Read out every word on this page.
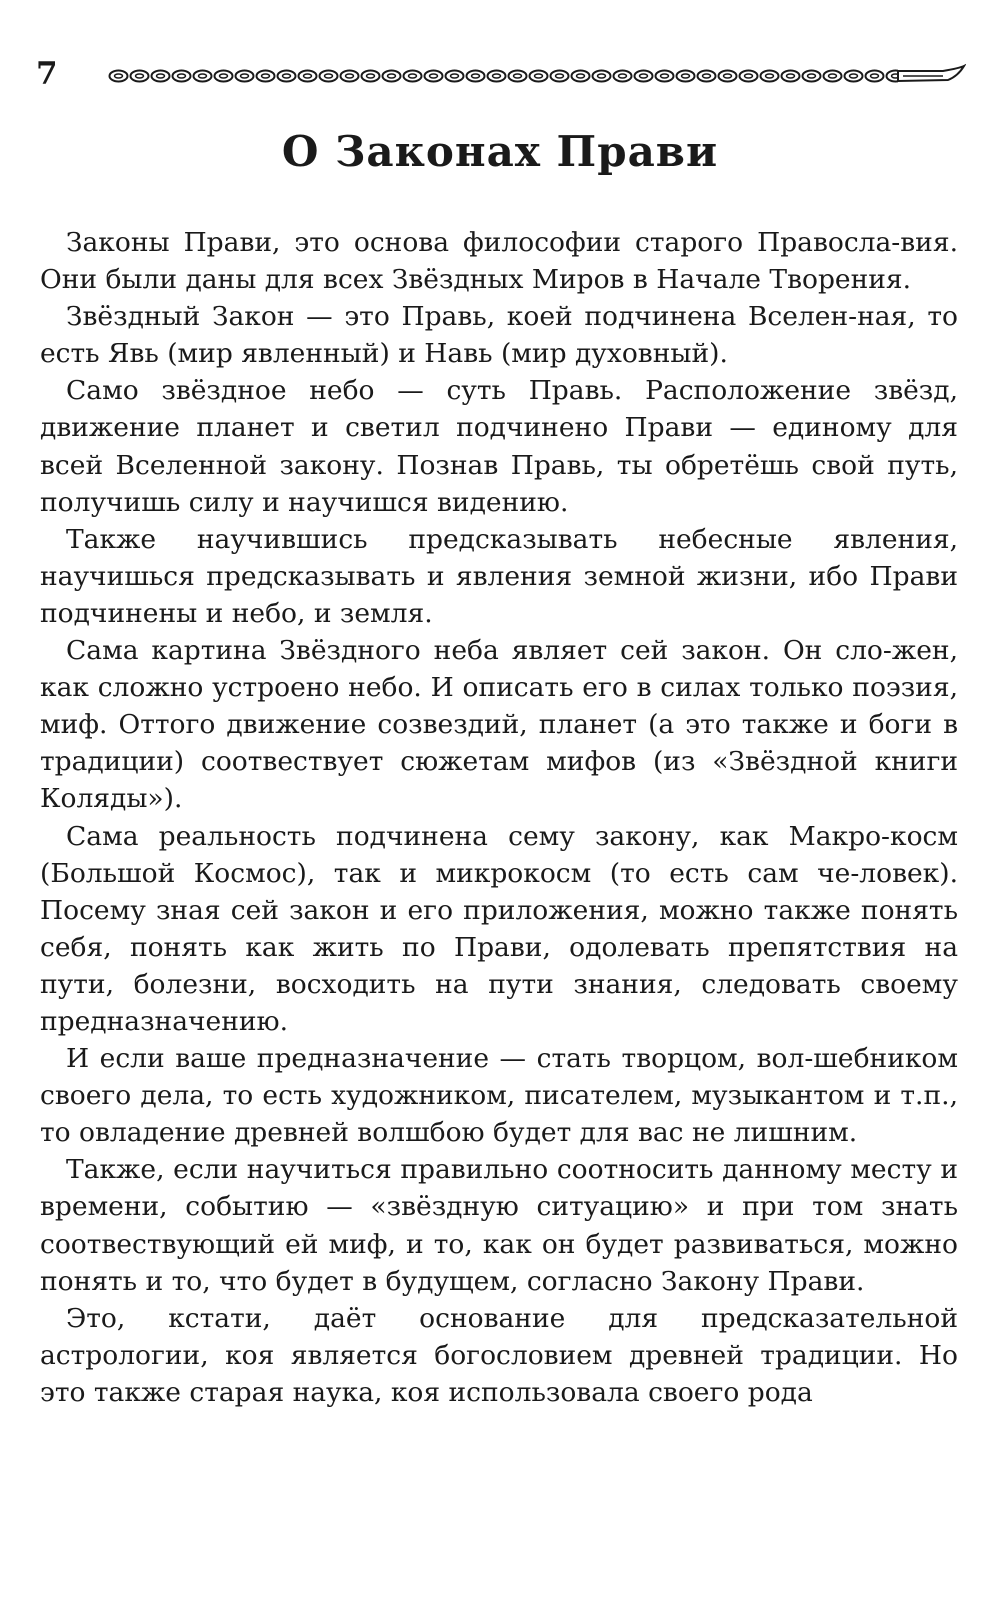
7
О Законах Прави

Законы Прави, это основа философии старого Правосла-вия. Они были даны для всех Звёздных Миров в Начале Творения.

Звёздный Закон — это Правь, коей подчинена Вселен-ная, то есть Явь (мир явленный) и Навь (мир духовный).

Само звёздное небо — суть Правь. Расположение звёзд, движение планет и светил подчинено Прави — единому для всей Вселенной закону. Познав Правь, ты обретёшь свой путь, получишь силу и научишся видению.

Также научившись предсказывать небесные явления, научишься предсказывать и явления земной жизни, ибо Прави подчинены и небо, и земля.

Сама картина Звёздного неба являет сей закон. Он сло-жен, как сложно устроено небо. И описать его в силах только поэзия, миф. Оттого движение созвездий, планет (а это также и боги в традиции) соотвествует сюжетам мифов (из «Звёздной книги Коляды»).

Сама реальность подчинена сему закону, как Макро-косм (Большой Космос), так и микрокосм (то есть сам че-ловек). Посему зная сей закон и его приложения, можно также понять себя, понять как жить по Прави, одолевать препятствия на пути, болезни, восходить на пути знания, следовать своему предназначению.

И если ваше предназначение — стать творцом, вол-шебником своего дела, то есть художником, писателем, музыкантом и т.п., то овладение древней волшбою будет для вас не лишним.

Также, если научиться правильно соотносить данному месту и времени, событию — «звёздную ситуацию» и при том знать соотвествующий ей миф, и то, как он будет развиваться, можно понять и то, что будет в будущем, согласно Закону Прави.

Это, кстати, даёт основание для предсказательной астрологии, коя является богословием древней традиции. Но это также старая наука, коя использовала своего рода
